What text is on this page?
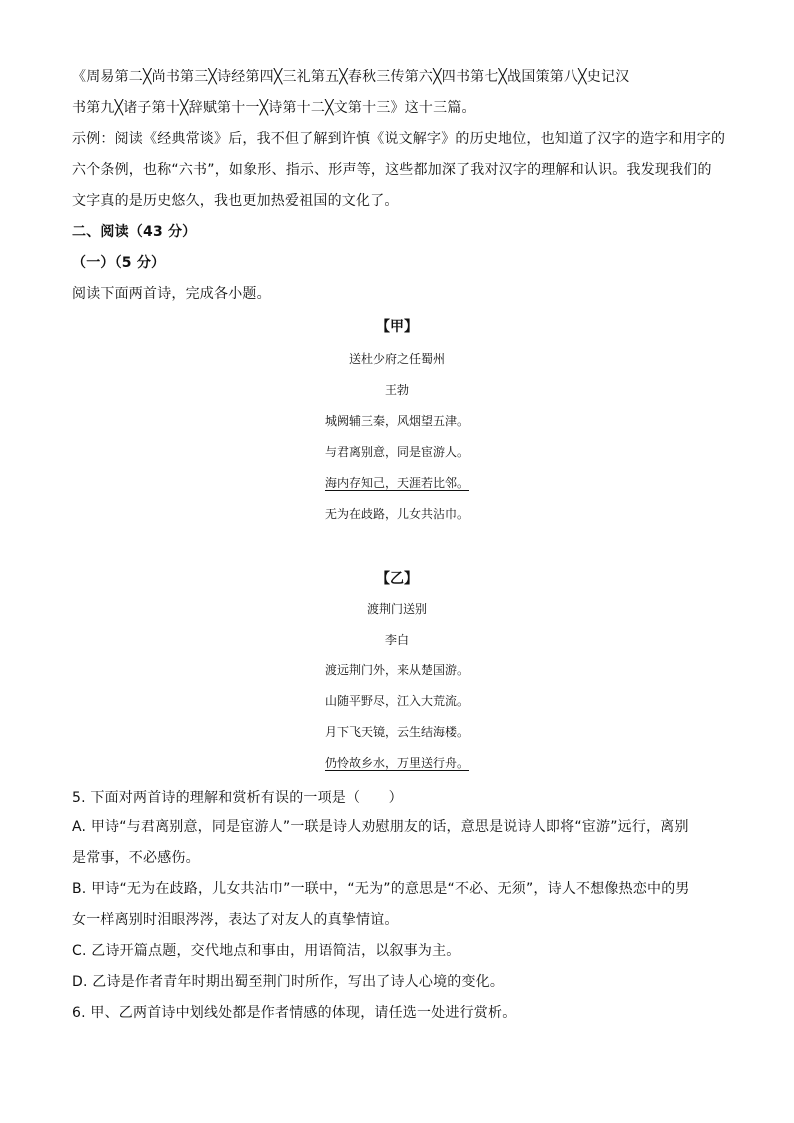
《周易第二╳尚书第三╳诗经第四╳三礼第五╳春秋三传第六╳四书第七╳战国策第八╳史记汉
书第九╳诸子第十╳辞赋第十一╳诗第十二╳文第十三》这十三篇。
示例：阅读《经典常谈》后，我不但了解到许慎《说文解字》的历史地位，也知道了汉字的造字和用字的
六个条例，也称“六书”，如象形、指示、形声等，这些都加深了我对汉字的理解和认识。我发现我们的
文字真的是历史悠久，我也更加热爱祖国的文化了。
二、阅读（43 分）
（一）（5 分）
阅读下面两首诗，完成各小题。
【甲】
送杜少府之任蜀州
王勃
城阙辅三秦，风烟望五津。
与君离别意，同是宦游人。
海内存知己，天涯若比邻。
无为在歧路，儿女共沾巾。
【乙】
渡荆门送别
李白
渡远荆门外，来从楚国游。
山随平野尽，江入大荒流。
月下飞天镜，云生结海楼。
仍怜故乡水，万里送行舟。
5. 下面对两首诗的理解和赏析有误的一项是（　　）
A. 甲诗“与君离别意，同是宦游人”一联是诗人劝慰朋友的话，意思是说诗人即将“宦游”远行，离别
是常事，不必感伤。
B. 甲诗“无为在歧路，儿女共沾巾”一联中，“无为”的意思是“不必、无须”，诗人不想像热恋中的男
女一样离别时泪眼涔涔，表达了对友人的真挚情谊。
C. 乙诗开篇点题，交代地点和事由，用语简洁，以叙事为主。
D. 乙诗是作者青年时期出蜀至荆门时所作，写出了诗人心境的变化。
6. 甲、乙两首诗中划线处都是作者情感的体现，请任选一处进行赏析。
